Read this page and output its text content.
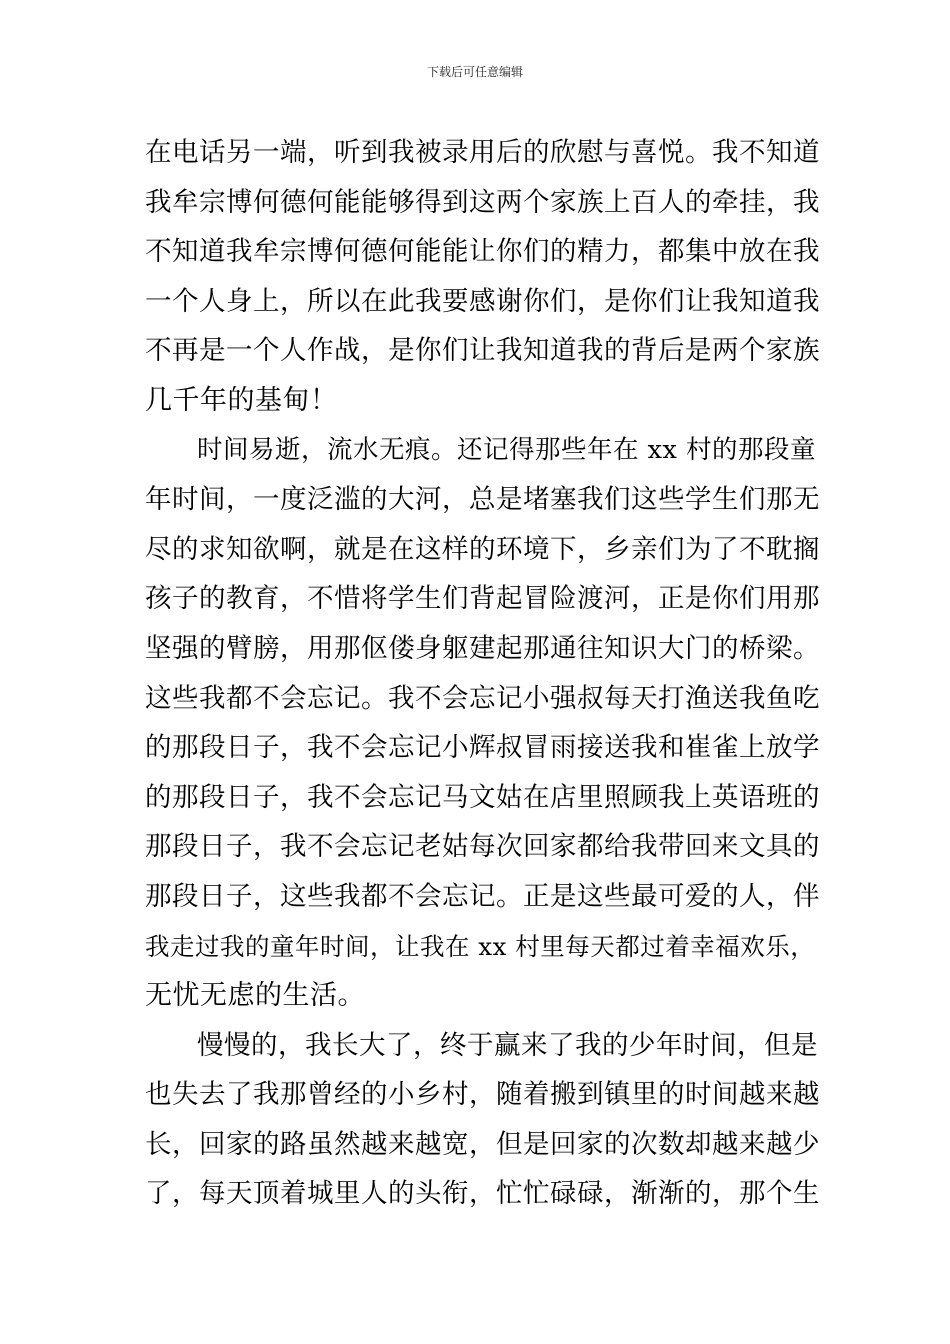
下载后可任意编辑
在电话另一端，听到我被录用后的欣慰与喜悦。我不知道
我牟宗博何德何能能够得到这两个家族上百人的牵挂，我
不知道我牟宗博何德何能能让你们的精力，都集中放在我
一个人身上，所以在此我要感谢你们，是你们让我知道我
不再是一个人作战，是你们让我知道我的背后是两个家族
几千年的基甸！
时间易逝，流水无痕。还记得那些年在 xx 村的那段童
年时间，一度泛滥的大河，总是堵塞我们这些学生们那无
尽的求知欲啊，就是在这样的环境下，乡亲们为了不耽搁
孩子的教育，不惜将学生们背起冒险渡河，正是你们用那
坚强的臂膀，用那伛偻身躯建起那通往知识大门的桥梁。
这些我都不会忘记。我不会忘记小强叔每天打渔送我鱼吃
的那段日子，我不会忘记小辉叔冒雨接送我和崔雀上放学
的那段日子，我不会忘记马文姑在店里照顾我上英语班的
那段日子，我不会忘记老姑每次回家都给我带回来文具的
那段日子，这些我都不会忘记。正是这些最可爱的人，伴
我走过我的童年时间，让我在 xx 村里每天都过着幸福欢乐，
无忧无虑的生活。
慢慢的，我长大了，终于赢来了我的少年时间，但是
也失去了我那曾经的小乡村，随着搬到镇里的时间越来越
长，回家的路虽然越来越宽，但是回家的次数却越来越少
了，每天顶着城里人的头衔，忙忙碌碌，渐渐的，那个生
